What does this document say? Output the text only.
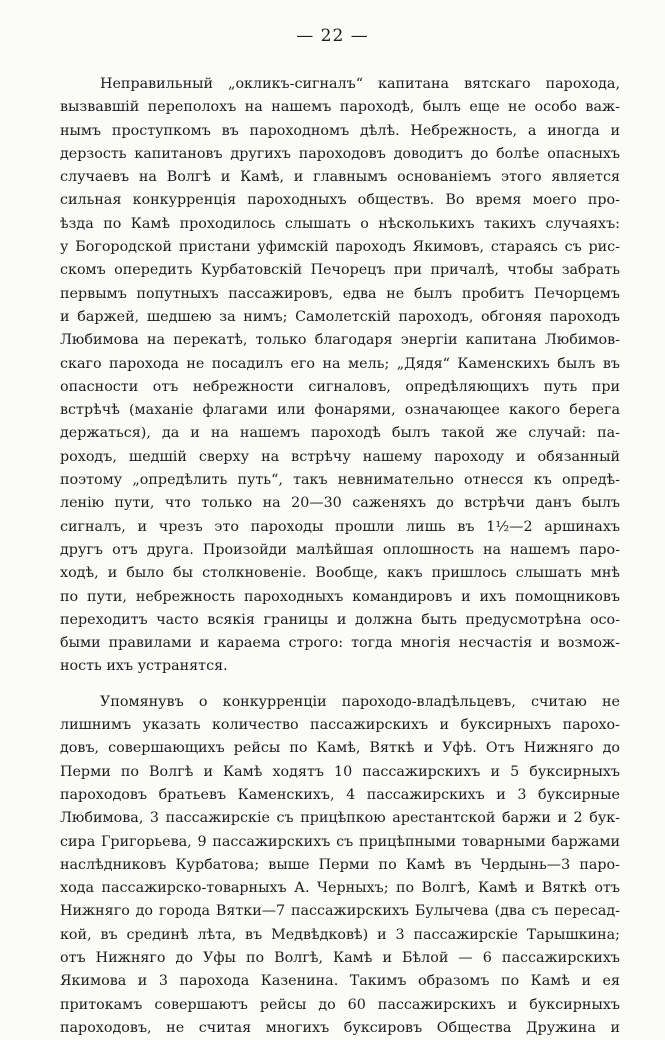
— 22 —
Неправильный „окликъ-сигналъ“ капитана вятскаго парохода,
вызвавшій переполохъ на нашемъ пароходѣ, былъ еще не особо важ-
нымъ проступкомъ въ пароходномъ дѣлѣ. Небрежность, а иногда и
дерзость капитановъ другихъ пароходовъ доводитъ до болѣе опасныхъ
случаевъ на Волгѣ и Камѣ, и главнымъ основаніемъ этого является
сильная конкурренція пароходныхъ обществъ. Во время моего про-
ѣзда по Камѣ проходилось слышать о нѣсколькихъ такихъ случаяхъ:
у Богородской пристани уфимскій пароходъ Якимовъ, стараясь съ рис-
скомъ опередить Курбатовскій Печорецъ при причалѣ, чтобы забрать
первымъ попутныхъ пассажировъ, едва не былъ пробитъ Печорцемъ
и баржей, шедшею за нимъ; Самолетскій пароходъ, обгоняя пароходъ
Любимова на перекатѣ, только благодаря энергіи капитана Любимов-
скаго парохода не посадилъ его на мель; „Дядя“ Каменскихъ былъ въ
опасности отъ небрежности сигналовъ, опредѣляющихъ путь при
встрѣчѣ (маханіе флагами или фонарями, означающее какого берега
держаться), да и на нашемъ пароходѣ былъ такой же случай: па-
роходъ, шедшій сверху на встрѣчу нашему пароходу и обязанный
поэтому „опредѣлить путь“, такъ невнимательно отнесся къ опредѣ-
ленію пути, что только на 20—30 саженяхъ до встрѣчи данъ былъ
сигналъ, и чрезъ это пароходы прошли лишь въ 1½—2 аршинахъ
другъ отъ друга. Произойди малѣйшая оплошность на нашемъ паро-
ходѣ, и было бы столкновеніе. Вообще, какъ пришлось слышать мнѣ
по пути, небрежность пароходныхъ командировъ и ихъ помощниковъ
переходитъ часто всякія границы и должна быть предусмотрѣна осо-
быми правилами и караема строго: тогда многія несчастія и возмож-
ность ихъ устранятся.
Упомянувъ о конкурренціи пароходо-владѣльцевъ, считаю не
лишнимъ указать количество пассажирскихъ и буксирныхъ парохо-
довъ, совершающихъ рейсы по Камѣ, Вяткѣ и Уфѣ. Отъ Нижняго до
Перми по Волгѣ и Камѣ ходятъ 10 пассажирскихъ и 5 буксирныхъ
пароходовъ братьевъ Каменскихъ, 4 пассажирскихъ и 3 буксирные
Любимова, 3 пассажирскіе съ прицѣпкою арестантской баржи и 2 бук-
сира Григорьева, 9 пассажирскихъ съ прицѣпными товарными баржами
наслѣдниковъ Курбатова; выше Перми по Камѣ въ Чердынь—3 паро-
хода пассажирско-товарныхъ А. Черныхъ; по Волгѣ, Камѣ и Вяткѣ отъ
Нижняго до города Вятки—7 пассажирскихъ Булычева (два съ пересад-
кой, въ срединѣ лѣта, въ Медвѣдковѣ) и 3 пассажирскіе Тарышкина;
отъ Нижняго до Уфы по Волгѣ, Камѣ и Бѣлой — 6 пассажирскихъ
Якимова и 3 парохода Казенина. Такимъ образомъ по Камѣ и ея
притокамъ совершаютъ рейсы до 60 пассажирскихъ и буксирныхъ
пароходовъ, не считая многихъ буксировъ Общества Дружина и
